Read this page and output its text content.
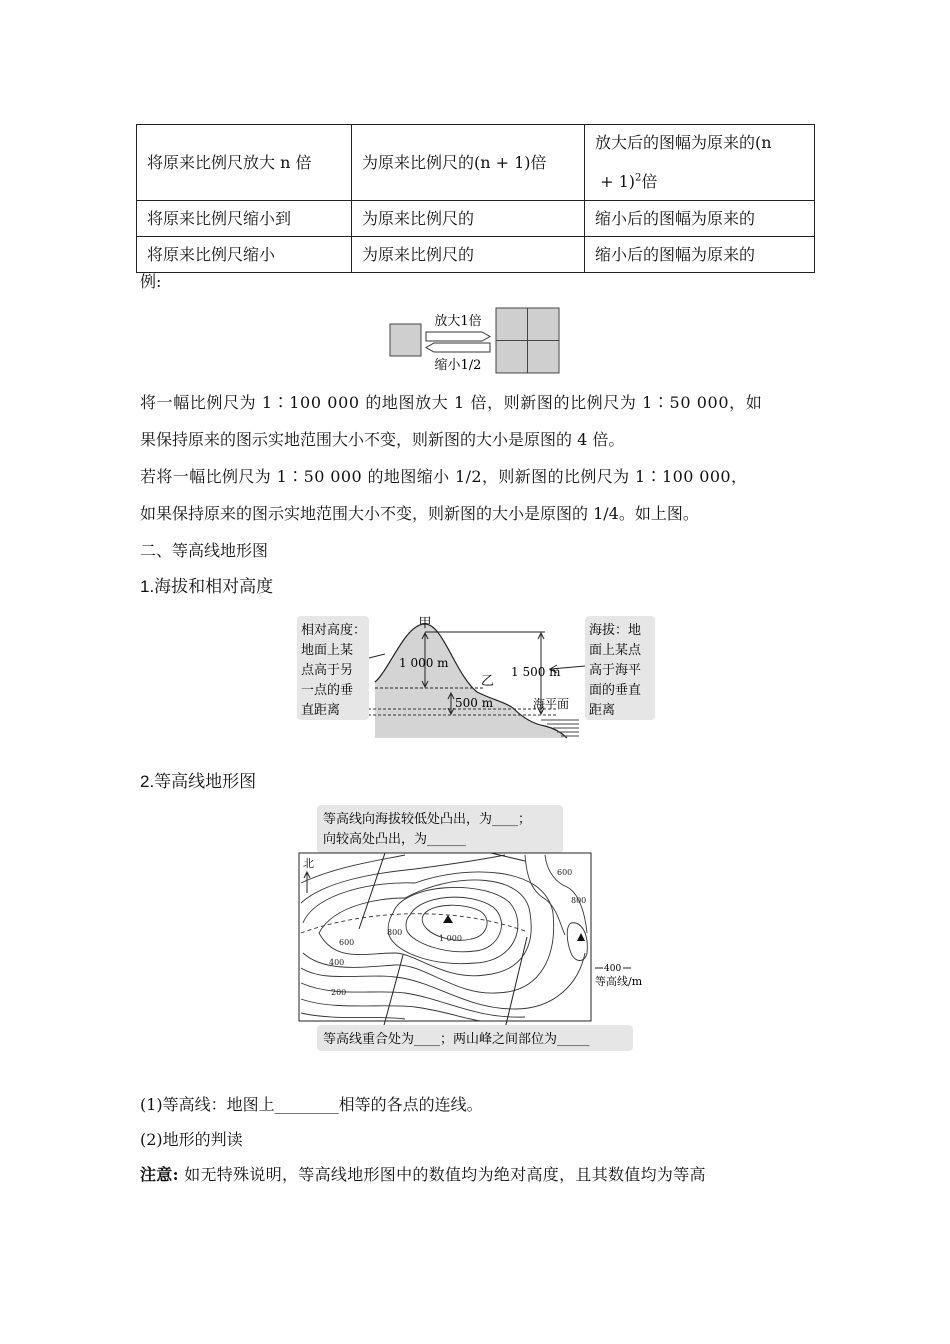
将原来比例尺放大 n 倍	为原来比例尺的(n + 1)倍	放大后的图幅为原来的(n
+ 1)$^2$倍
将原来比例尺缩小到	为原来比例尺的	缩小后的图幅为原来的
将原来比例尺缩小	为原来比例尺的	缩小后的图幅为原来的
例:
放大1倍
缩小1/2
将一幅比例尺为 1∶100 000 的地图放大 1 倍，则新图的比例尺为 1∶50 000，如
果保持原来的图示实地范围大小不变，则新图的大小是原图的 4 倍。
若将一幅比例尺为 1∶50 000 的地图缩小 1/2，则新图的比例尺为 1∶100 000，
如果保持原来的图示实地范围大小不变，则新图的大小是原图的 1/4。如上图。
二、等高线地形图
1.海拔和相对高度
相对高度： 地面上某 点高于另 一点的垂 直距离
海拔：地 面上某点 高于海平 面的垂直 距离
甲
乙
1 000 m
1 500 m
500 m	海平面
2.等高线地形图
等高线向海拔较低处凸出，为____；
向较高处凸出，为______
北
1 000
800
600
400
200
600
800
400
等高线/m
等高线重合处为____；两山峰之间部位为_____
(1)等高线：地图上________相等的各点的连线。
(2)地形的判读
注意: 如无特殊说明，等高线地形图中的数值均为绝对高度，且其数值均为等高
